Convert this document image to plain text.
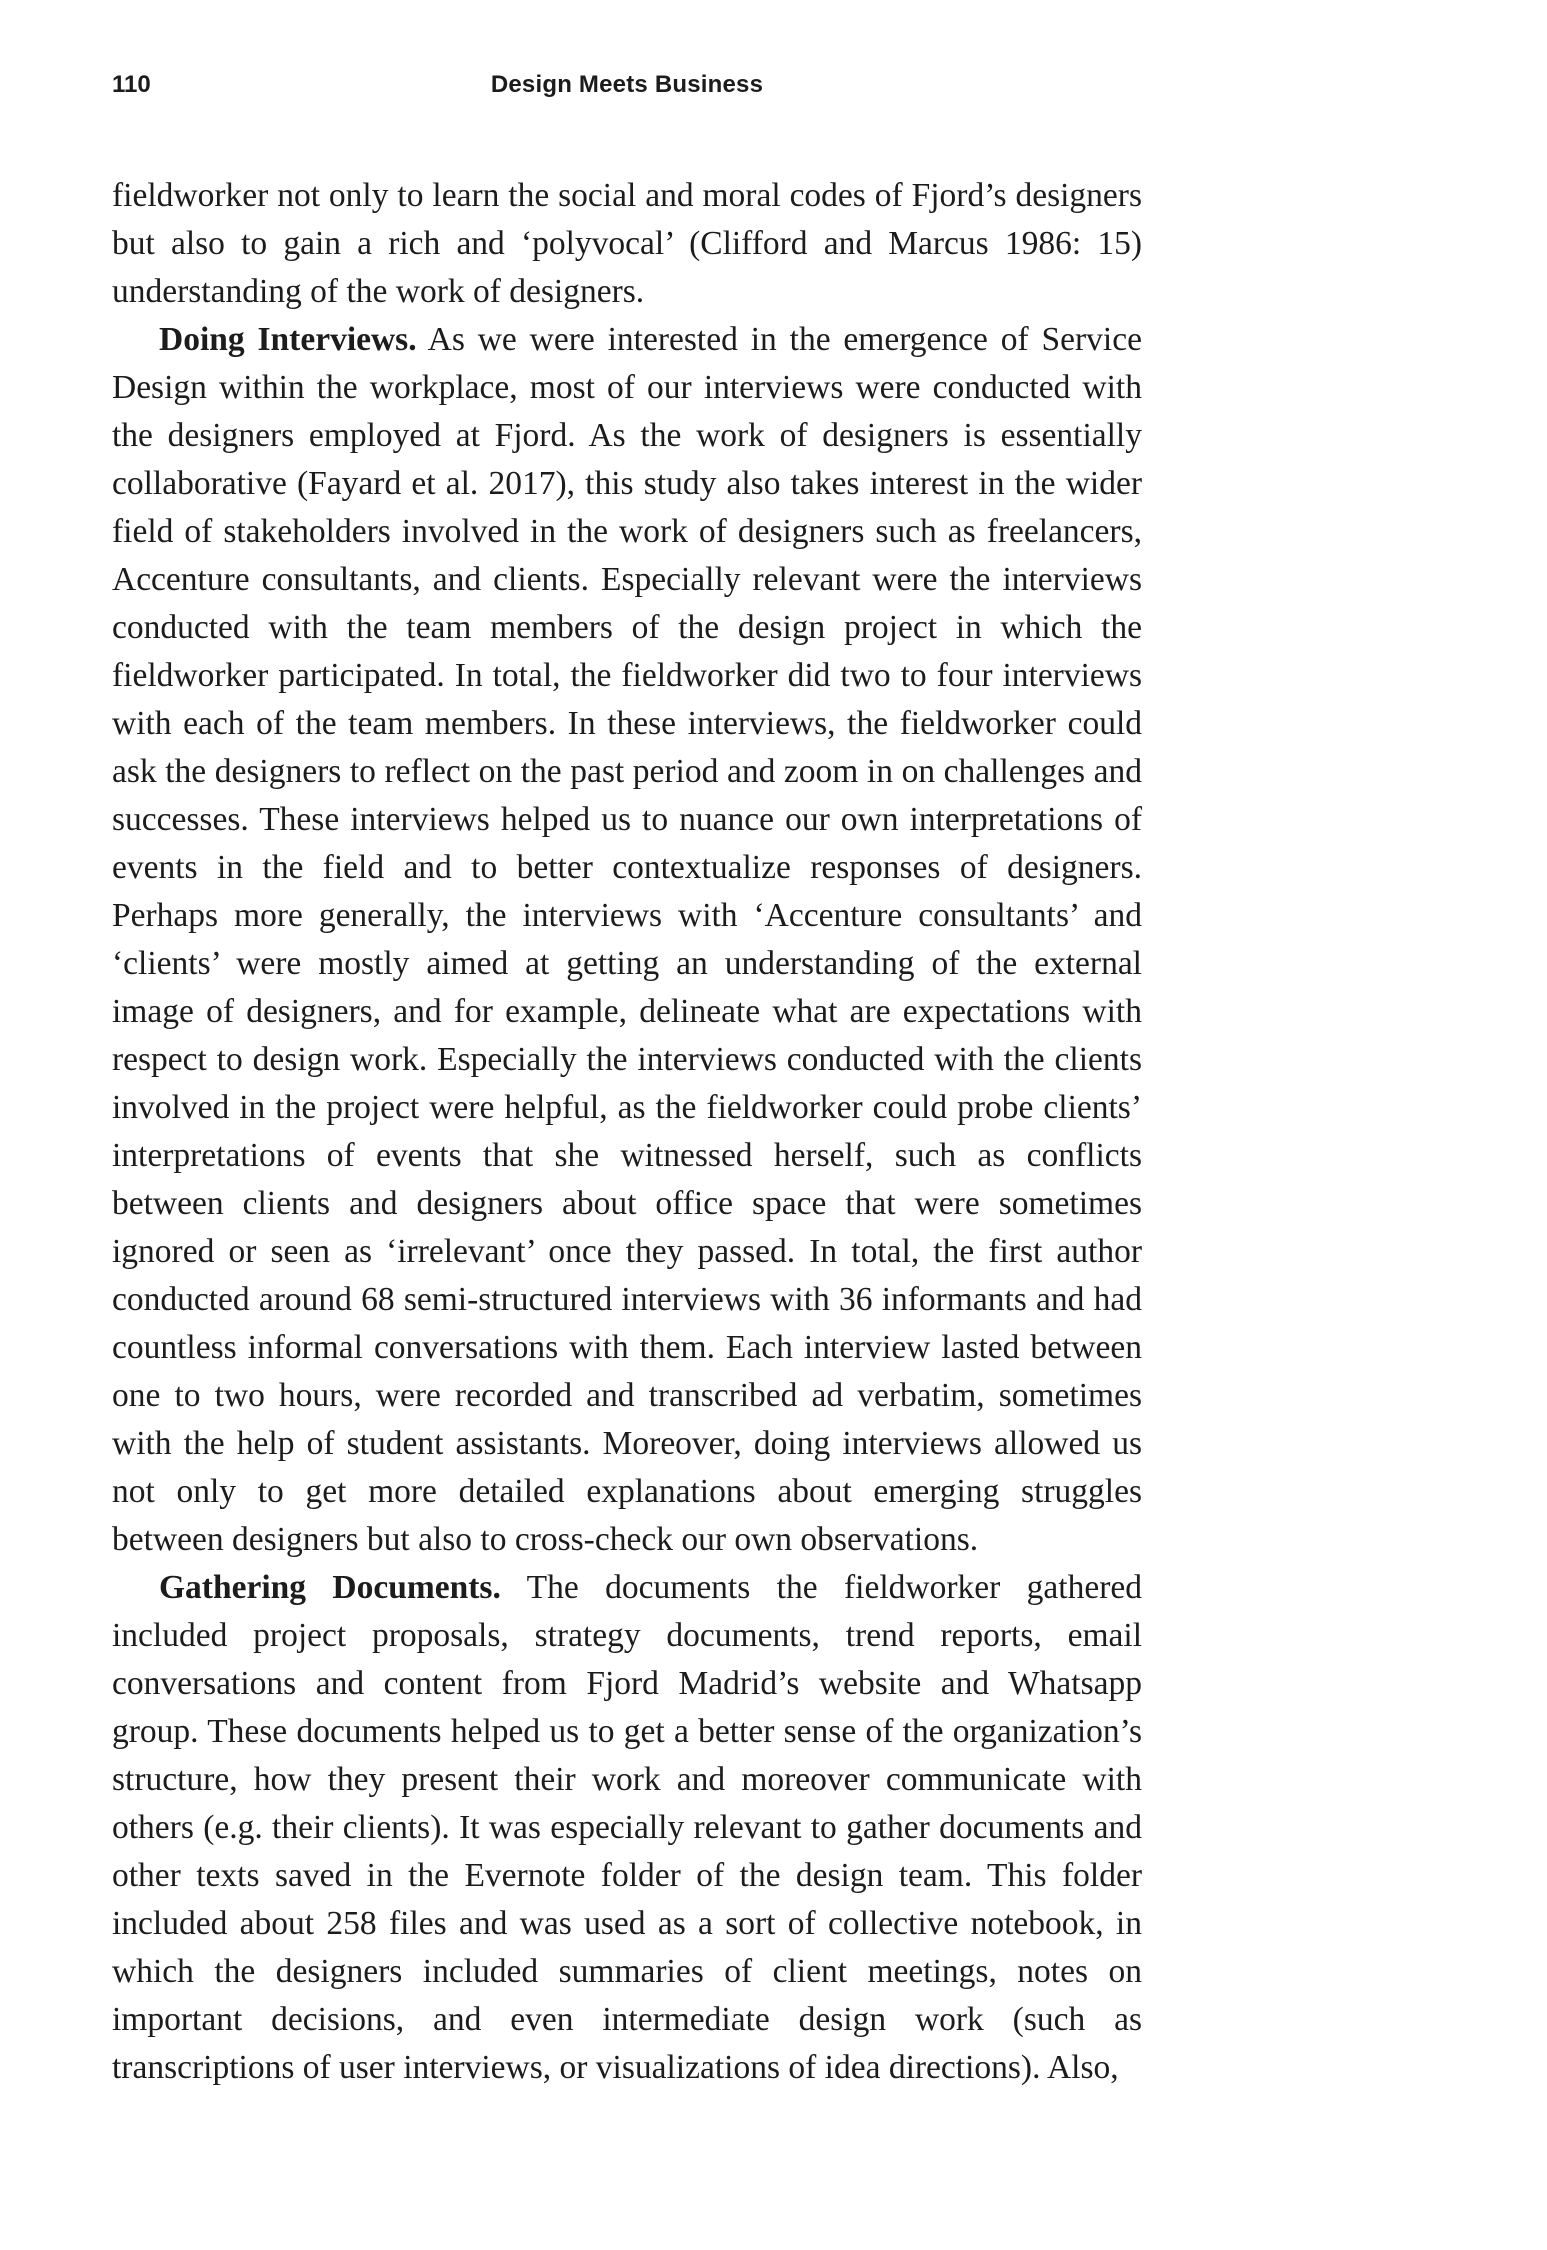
110	Design Meets Business

fieldworker not only to learn the social and moral codes of Fjord’s designers but also to gain a rich and ‘polyvocal’ (Clifford and Marcus 1986: 15) understanding of the work of designers.

Doing Interviews. As we were interested in the emergence of Service Design within the workplace, most of our interviews were conducted with the designers employed at Fjord. As the work of designers is essentially collaborative (Fayard et al. 2017), this study also takes interest in the wider field of stakeholders involved in the work of designers such as freelancers, Accenture consultants, and clients. Especially relevant were the interviews conducted with the team members of the design project in which the fieldworker participated. In total, the fieldworker did two to four interviews with each of the team members. In these interviews, the fieldworker could ask the designers to reflect on the past period and zoom in on challenges and successes. These interviews helped us to nuance our own interpretations of events in the field and to better contextualize responses of designers. Perhaps more generally, the interviews with ‘Accenture consultants’ and ‘clients’ were mostly aimed at getting an understanding of the external image of designers, and for example, delineate what are expectations with respect to design work. Especially the interviews conducted with the clients involved in the project were helpful, as the fieldworker could probe clients’ interpretations of events that she witnessed herself, such as conflicts between clients and designers about office space that were sometimes ignored or seen as ‘irrelevant’ once they passed. In total, the first author conducted around 68 semi-structured interviews with 36 informants and had countless informal conversations with them. Each interview lasted between one to two hours, were recorded and transcribed ad verbatim, sometimes with the help of student assistants. Moreover, doing interviews allowed us not only to get more detailed explanations about emerging struggles between designers but also to cross-check our own observations.

Gathering Documents. The documents the fieldworker gathered included project proposals, strategy documents, trend reports, email conversations and content from Fjord Madrid’s website and Whatsapp group. These documents helped us to get a better sense of the organization’s structure, how they present their work and moreover communicate with others (e.g. their clients). It was especially relevant to gather documents and other texts saved in the Evernote folder of the design team. This folder included about 258 files and was used as a sort of collective notebook, in which the designers included summaries of client meetings, notes on important decisions, and even intermediate design work (such as transcriptions of user interviews, or visualizations of idea directions). Also,
